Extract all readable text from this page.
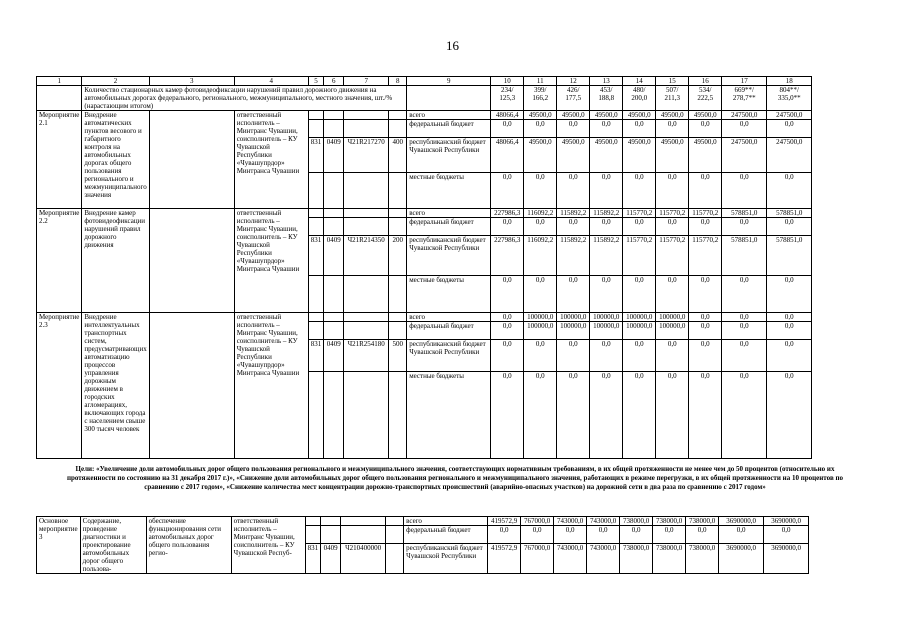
16
1	2	3	4	5	6	7	8	9	10	11	12	13	14	15	16	17	18
	Количество стационарных камер фотовидеофиксации нарушений правил дорожного движения на автомобильных дорогах федерального, регионального, межмуниципального, местного значения, шт./% (нарастающим итогом)								234/ 125,3	399/ 166,2	426/ 177,5	453/ 188,8	480/ 200,0	507/ 211,3	534/ 222,5	669**/ 278,7**	804**/ 335,0**
Мероприятие 2.1	Внедрение автоматических пунктов весового и габаритного контроля на автомобильных дорогах общего пользования регионального и межмуниципального значения		ответственный исполнитель – Минтранс Чувашии, соисполнитель – КУ Чувашской Республики «Чувашупрдор» Минтранса Чувашии					всего	48066,4	49500,0	49500,0	49500,0	49500,0	49500,0	49500,0	247500,0	247500,0
								федеральный бюджет	0,0	0,0	0,0	0,0	0,0	0,0	0,0	0,0	0,0
				831	0409	Ч21R217270	400	республиканский бюджет Чувашской Республики	48066,4	49500,0	49500,0	49500,0	49500,0	49500,0	49500,0	247500,0	247500,0
								местные бюджеты	0,0	0,0	0,0	0,0	0,0	0,0	0,0	0,0	0,0
Мероприятие 2.2	Внедрение камер фотовидеофиксации нарушений правил дорожного движения		ответственный исполнитель – Минтранс Чувашии, соисполнитель – КУ Чувашской Республики «Чувашупрдор» Минтранса Чувашии					всего	227986,3	116092,2	115892,2	115892,2	115770,2	115770,2	115770,2	578851,0	578851,0
								федеральный бюджет	0,0	0,0	0,0	0,0	0,0	0,0	0,0	0,0	0,0
				831	0409	Ч21R214350	200	республиканский бюджет Чувашской Республики	227986,3	116092,2	115892,2	115892,2	115770,2	115770,2	115770,2	578851,0	578851,0
								местные бюджеты	0,0	0,0	0,0	0,0	0,0	0,0	0,0	0,0	0,0
Мероприятие 2.3	Внедрение интеллектуальных транспортных систем, предусматривающих автоматизацию процессов управления дорожным движением в городских агломерациях, включающих города с населением свыше 300 тысяч человек		ответственный исполнитель – Минтранс Чувашии, соисполнитель – КУ Чувашской Республики «Чувашупрдор» Минтранса Чувашии					всего	0,0	100000,0	100000,0	100000,0	100000,0	100000,0	0,0	0,0	0,0
								федеральный бюджет	0,0	100000,0	100000,0	100000,0	100000,0	100000,0	0,0	0,0	0,0
				831	0409	Ч21R254180	500	республиканский бюджет Чувашской Республики	0,0	0,0	0,0	0,0	0,0	0,0	0,0	0,0	0,0
								местные бюджеты	0,0	0,0	0,0	0,0	0,0	0,0	0,0	0,0	0,0
Цели: «Увеличение доли автомобильных дорог общего пользования регионального и межмуниципального значения, соответствующих нормативным требованиям, в их общей протяженности не менее чем до 50 процентов (относительно их протяженности по состоянию на 31 декабря 2017 г.)», «Снижение доли автомобильных дорог общего пользования регионального и межмуниципального значения, работающих в режиме перегрузки, в их общей протяженности на 10 процентов по сравнению с 2017 годом», «Снижение количества мест концентрации дорожно-транспортных происшествий (аварийно-опасных участков) на дорожной сети в два раза по сравнению с 2017 годом»
Основное мероприятие 3	Содержание, проведение диагностики и проектирование автомобильных дорог общего пользова-	обеспечение функционирования сети автомобильных дорог общего пользования регио-	ответственный исполнитель – Минтранс Чувашии, соисполнитель – КУ Чувашской Респуб-					всего	419572,9	767000,0	743000,0	743000,0	738000,0	738000,0	738000,0	3690000,0	3690000,0
								федеральный бюджет	0,0	0,0	0,0	0,0	0,0	0,0	0,0	0,0	0,0
				831	0409	Ч210400000		республиканский бюджет Чувашской Республики	419572,9	767000,0	743000,0	743000,0	738000,0	738000,0	738000,0	3690000,0	3690000,0
